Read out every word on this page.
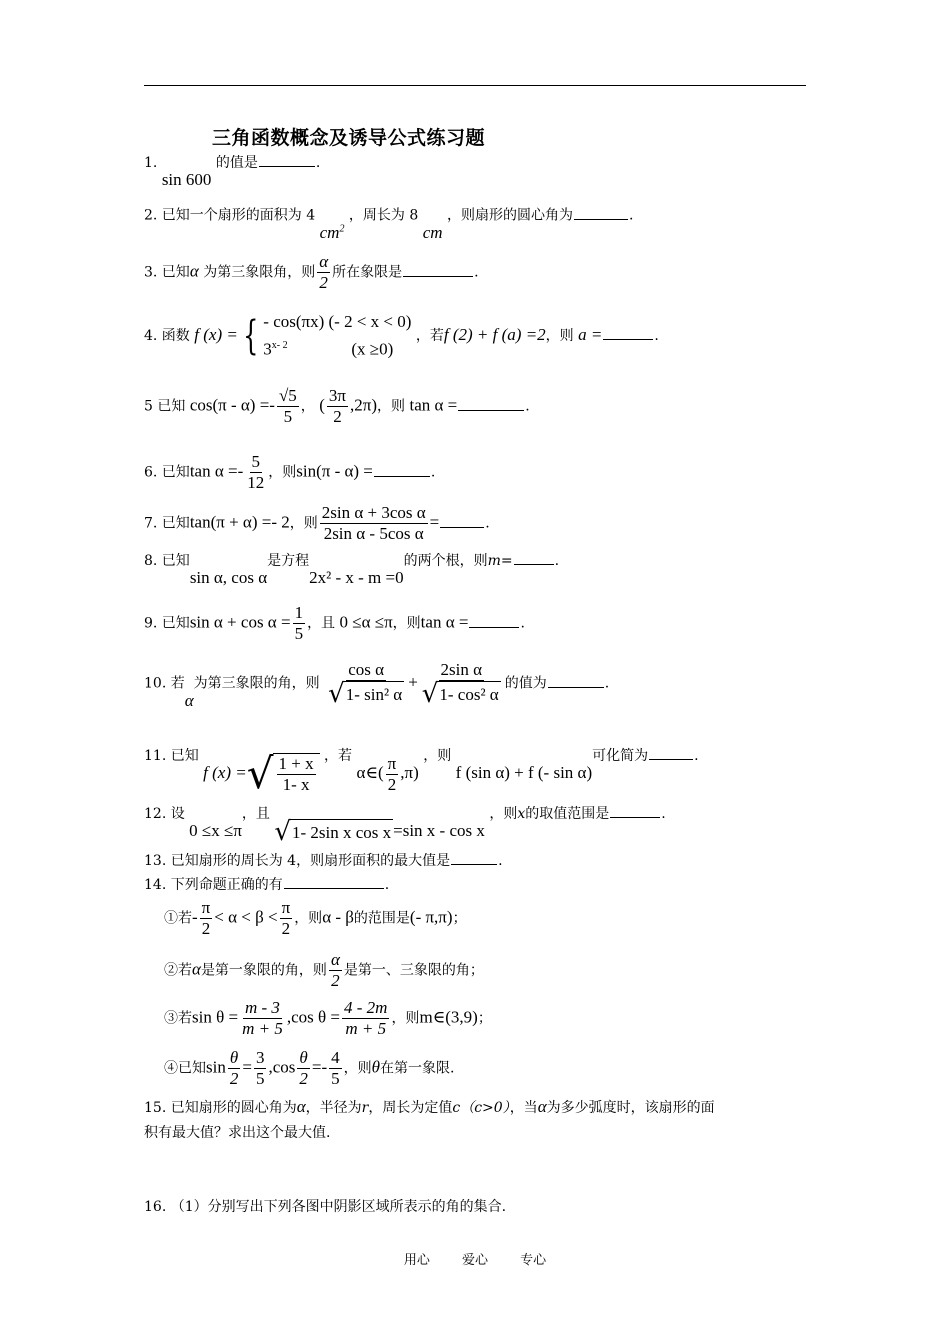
三角函数概念及诱导公式练习题
1. sin 600 的值是	.
2. 已知一个扇形的面积为 4 $cm^2$ ，周长为 8 cm ，则扇形的圆心角为	.
3. 已知α 为第三象限角，则 $\frac{\alpha}{2}$ 所在象限是	.
4. 函数 f (x) = { - cos(πx) (- 2 < x < 0)
3$^{x- 2}$	(x ≥0)
，若f (2) + f (a) =2，则 a =	.
5 已知 $\cos(\pi - \alpha) =- \frac{√5}{5}$ ， ( $\frac{3\pi}{2} ,2\pi$)，则 tan α =	.
6. 已知$\tan \alpha =- \frac{5}{12}$ ，则sin(π - α) =	.
7. 已知tan(π + α) =- 2，则 $\frac{\text{2sin α + 3cos α}}{\text{2sin α - 5cos α}}$ =	.
8. 已知sin α, cos α是方程2x² - x - m =0的两个根，则m=	.
9. 已知$\sin \alpha + \cos \alpha = \frac{1}{5}$ ，且 0 ≤α ≤π，则tan α =	.
10. 若α为第三象限的角，则 $\frac{\text{cos α}}{\text{√ 1- sin² α}} + \frac{\text{2sin α}}{\text{√ 1- cos² α}}$ 的值为	.
11. 已知 f (x) = √ $\frac{1 + x}{1- x}$ ，若 α∈( $\frac{\pi}{2} ,\pi$) ，则 f (sin α) + f (- sin α)可化简为	.
12. 设 0 ≤x ≤π，且
√ 1- 2sin x cos x =sin x - cos x ，则x的取值范围是	.
13. 已知扇形的周长为 4，则扇形面积的最大值是	.
14. 下列命题正确的有	.
①若- $\frac{\pi}{2} < \alpha < \beta < \frac{\pi}{2}$ ，则α - β的范围是(- π,π)；
②若α是第一象限的角，则 $\frac{\alpha}{2}$ 是第一、三象限的角；
③若$\sin \theta = \frac{m - 3}{m + 5} ,\cos$ $\theta = \frac{4 - 2m}{m + 5}$ ，则m∈(3,9)；
④已知$\sin \frac{\theta}{2} = \frac{3}{5} ,\cos \frac{\theta}{2} =- \frac{4}{5}$ ，则θ在第一象限.
15. 已知扇形的圆心角为α，半径为r，周长为定值c（c>0），当α为多少弧度时，该扇形的面
积有最大值？求出这个最大值.
16. （1）分别写出下列各图中阴影区域所表示的角的集合.
用心 爱心 专心
